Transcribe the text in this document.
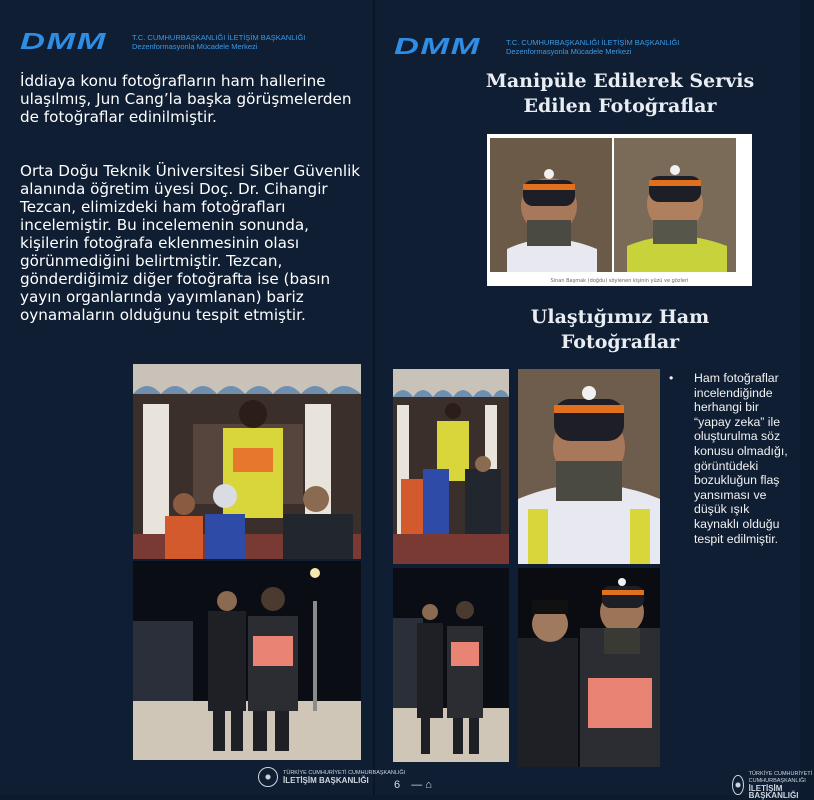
DMM	T.C. CUMHURBAŞKANLIĞI İLETİŞİM BAŞKANLIĞI
Dezenformasyonla Mücadele Merkezi	DMM	T.C. CUMHURBAŞKANLIĞI İLETİŞİM BAŞKANLIĞI
Dezenformasyonla Mücadele Merkezi
İddiaya konu fotoğrafların ham hallerine ulaşılmış, Jun Cang’la başka görüşmelerden de fotoğraflar edinilmiştir.
Orta Doğu Teknik Üniversitesi Siber Güvenlik alanında öğretim üyesi Doç. Dr. Cihangir Tezcan, elimizdeki ham fotoğrafları incelemiştir. Bu incelemenin sonunda, kişilerin fotoğrafa eklenmesinin olası görünmediğini belirtmiştir. Tezcan, gönderdiğimiz diğer fotoğrafta ise (basın yayın organlarında yayımlanan) bariz oynamaların olduğunu tespit etmiştir.
Manipüle Edilerek Servis Edilen Fotoğraflar
Sinan Başmak (doğdu) söylenen kişinin yüzü ve gözleri
Ulaştığımız Ham Fotoğraflar
• Ham fotoğraflar incelendiğinde herhangi bir “yapay zeka” ile oluşturulma söz konusu olmadığı, görüntüdeki bozukluğun flaş yansıması ve düşük ışık kaynaklı olduğu tespit edilmiştir.
TÜRKİYE CUMHURİYETİ CUMHURBAŞKANLIĞI
İLETİŞİM BAŞKANLIĞI
TÜRKİYE CUMHURİYETİ CUMHURBAŞKANLIĞI
İLETİŞİM BAŞKANLIĞI
6 — ⌂
